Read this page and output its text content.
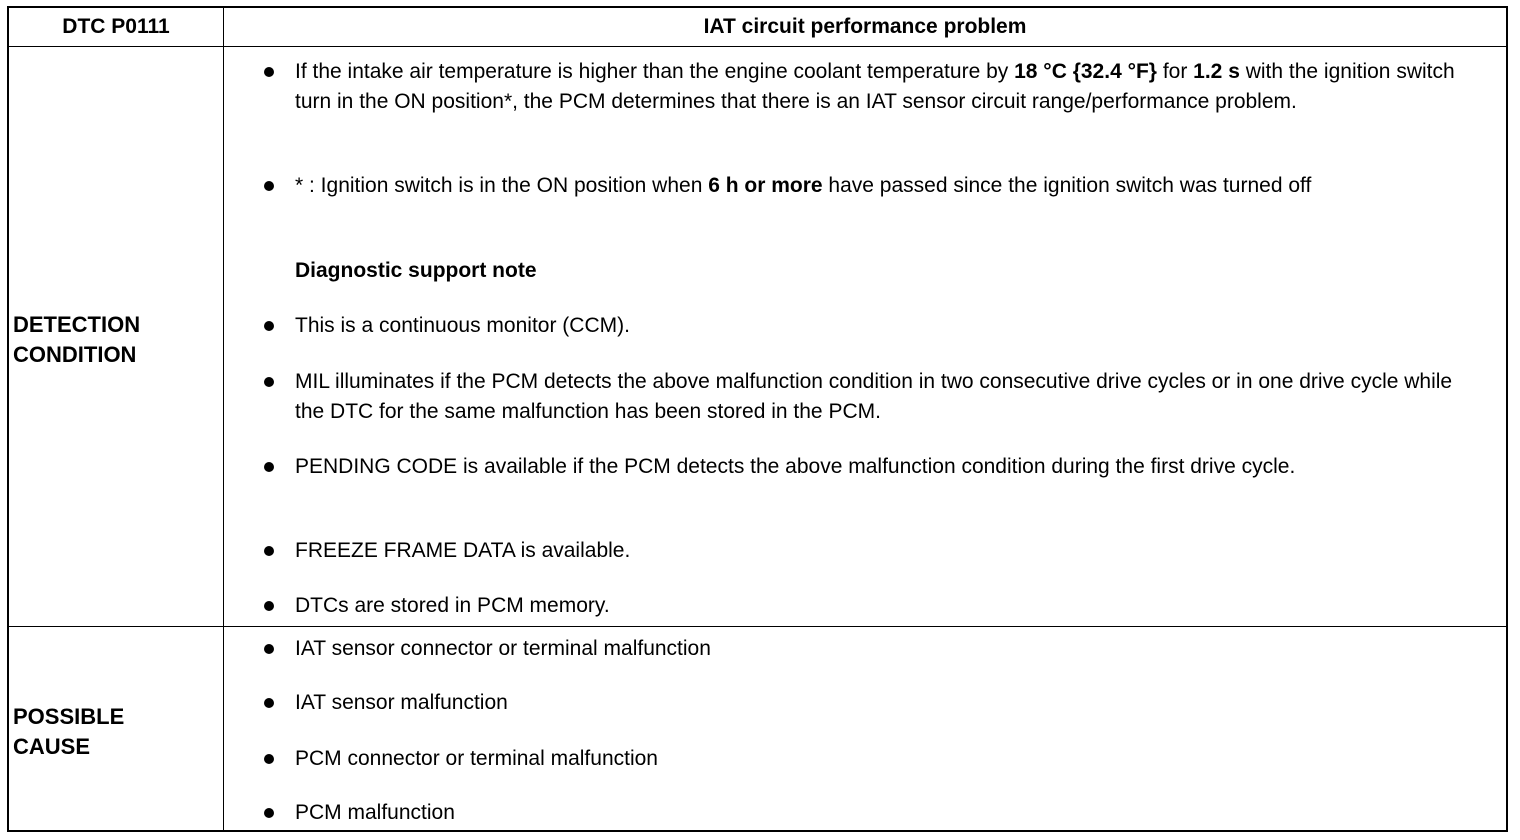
DTC P0111	IAT circuit performance problem
DETECTION
CONDITION
POSSIBLE
CAUSE
If the intake air temperature is higher than the engine coolant temperature by 18 °C {32.4 °F} for 1.2 s with the ignition switch turn in the ON position*, the PCM determines that there is an IAT sensor circuit range/performance problem.
* : Ignition switch is in the ON position when 6 h or more have passed since the ignition switch was turned off
Diagnostic support note
This is a continuous monitor (CCM).
MIL illuminates if the PCM detects the above malfunction condition in two consecutive drive cycles or in one drive cycle while the DTC for the same malfunction has been stored in the PCM.
PENDING CODE is available if the PCM detects the above malfunction condition during the first drive cycle.
FREEZE FRAME DATA is available.
DTCs are stored in PCM memory.
IAT sensor connector or terminal malfunction
IAT sensor malfunction
PCM connector or terminal malfunction
PCM malfunction
